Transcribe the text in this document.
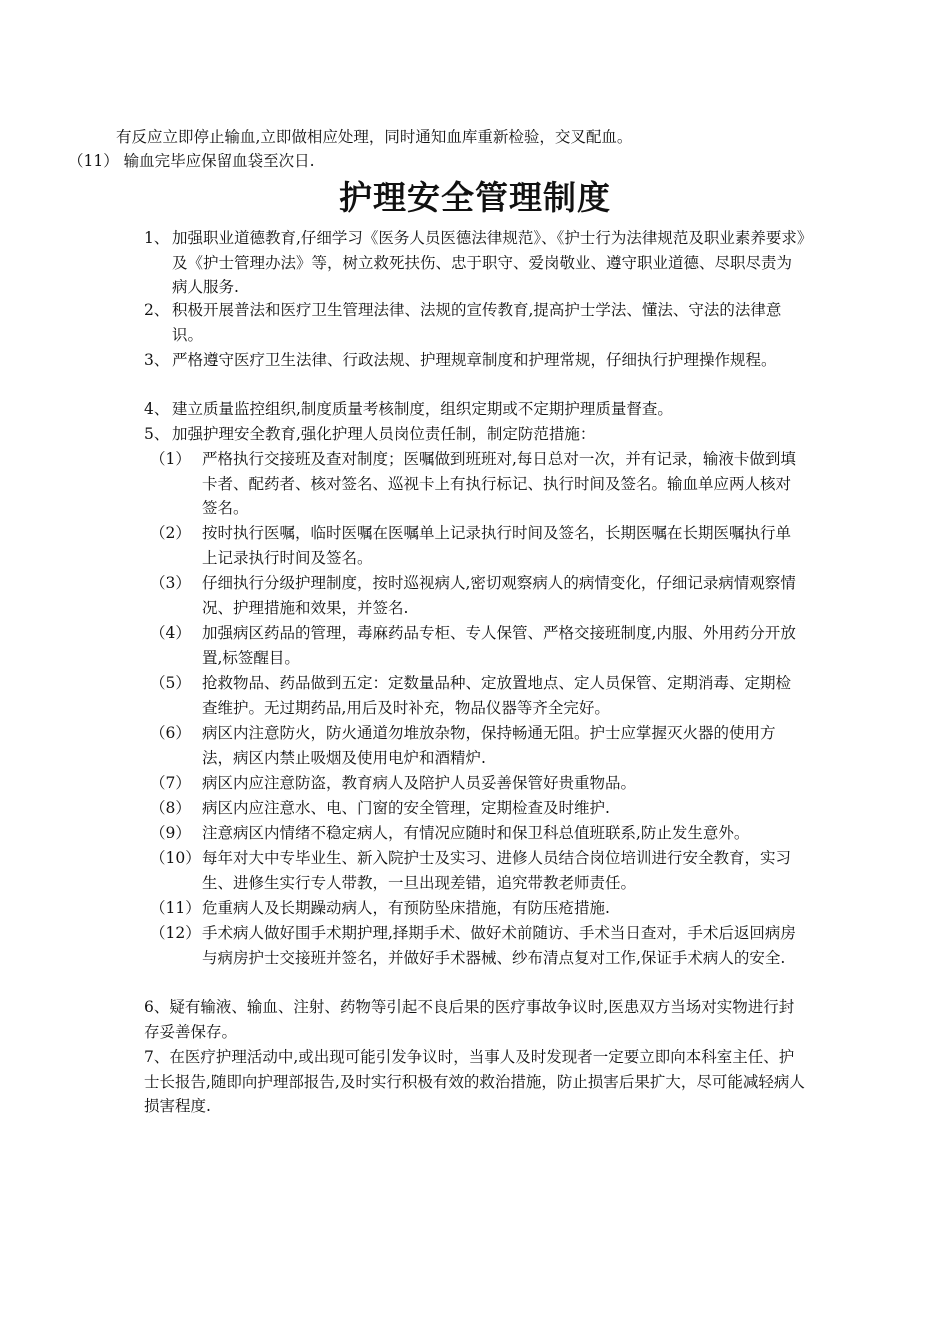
有反应立即停止输血,立即做相应处理，同时通知血库重新检验，交叉配血。
（11） 输血完毕应保留血袋至次日.
护理安全管理制度
1、 加强职业道德教育,仔细学习《医务人员医德法律规范》、《护士行为法律规范及职业素养要求》及《护士管理办法》等，树立救死扶伤、忠于职守、爱岗敬业、遵守职业道德、尽职尽责为病人服务.
2、 积极开展普法和医疗卫生管理法律、法规的宣传教育,提高护士学法、懂法、守法的法律意识。
3、 严格遵守医疗卫生法律、行政法规、护理规章制度和护理常规，仔细执行护理操作规程。
4、 建立质量监控组织,制度质量考核制度，组织定期或不定期护理质量督查。
5、 加强护理安全教育,强化护理人员岗位责任制，制定防范措施：
（1） 严格执行交接班及查对制度；医嘱做到班班对,每日总对一次，并有记录，输液卡做到填卡者、配药者、核对签名、巡视卡上有执行标记、执行时间及签名。输血单应两人核对签名。
（2） 按时执行医嘱，临时医嘱在医嘱单上记录执行时间及签名，长期医嘱在长期医嘱执行单上记录执行时间及签名。
（3） 仔细执行分级护理制度，按时巡视病人,密切观察病人的病情变化，仔细记录病情观察情况、护理措施和效果，并签名.
（4） 加强病区药品的管理，毒麻药品专柜、专人保管、严格交接班制度,内服、外用药分开放置,标签醒目。
（5） 抢救物品、药品做到五定：定数量品种、定放置地点、定人员保管、定期消毒、定期检查维护。无过期药品,用后及时补充，物品仪器等齐全完好。
（6） 病区内注意防火，防火通道勿堆放杂物，保持畅通无阻。护士应掌握灭火器的使用方法，病区内禁止吸烟及使用电炉和酒精炉.
（7） 病区内应注意防盗，教育病人及陪护人员妥善保管好贵重物品。
（8） 病区内应注意水、电、门窗的安全管理，定期检查及时维护.
（9） 注意病区内情绪不稳定病人，有情况应随时和保卫科总值班联系,防止发生意外。
（10） 每年对大中专毕业生、新入院护士及实习、进修人员结合岗位培训进行安全教育，实习生、进修生实行专人带教，一旦出现差错，追究带教老师责任。
（11） 危重病人及长期躁动病人，有预防坠床措施，有防压疮措施.
（12） 手术病人做好围手术期护理,择期手术、做好术前随访、手术当日查对，手术后返回病房与病房护士交接班并签名，并做好手术器械、纱布清点复对工作,保证手术病人的安全.
6、疑有输液、输血、注射、药物等引起不良后果的医疗事故争议时,医患双方当场对实物进行封存妥善保存。
7、在医疗护理活动中,或出现可能引发争议时，当事人及时发现者一定要立即向本科室主任、护士长报告,随即向护理部报告,及时实行积极有效的救治措施，防止损害后果扩大，尽可能减轻病人损害程度.
